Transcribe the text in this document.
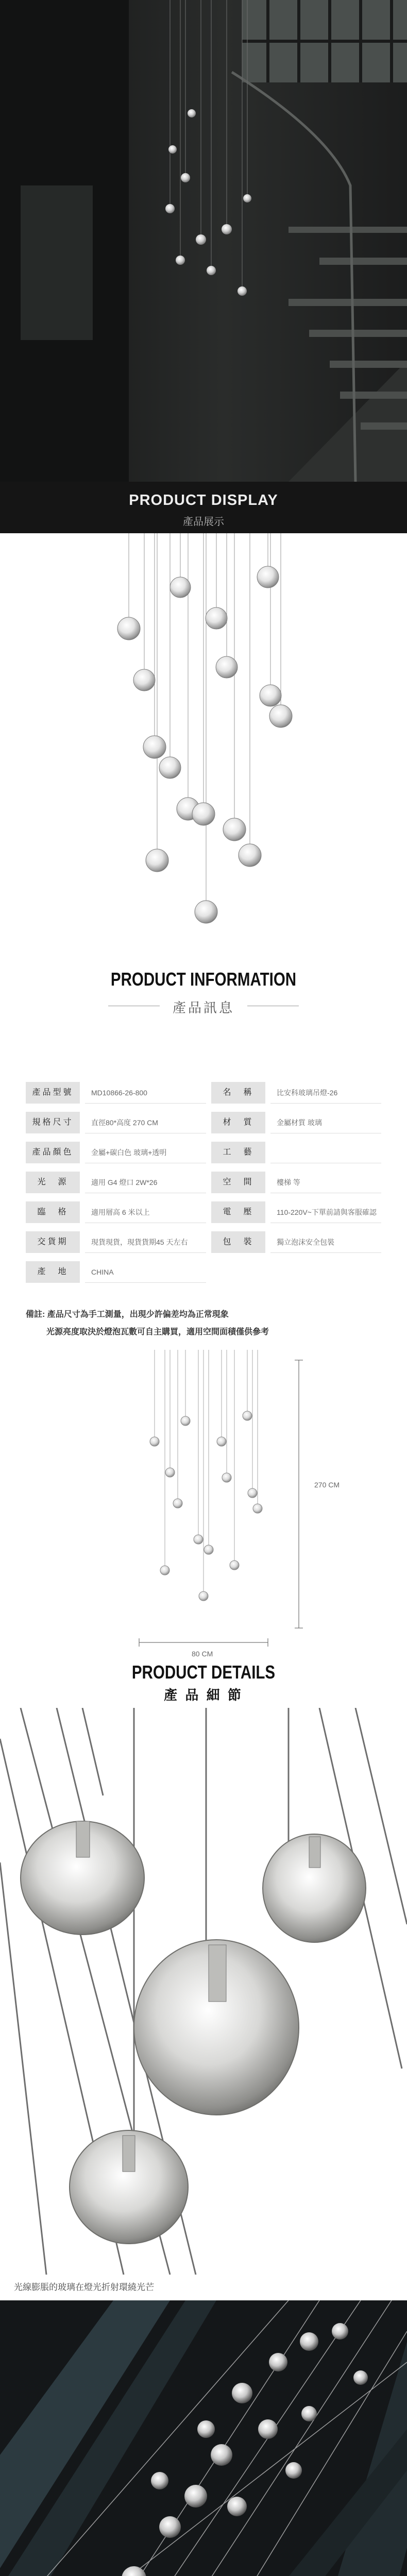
PRODUCT DISPLAY
產品展示
PRODUCT INFORMATION
產品訊息
產品型號	MD10866-26-800	名　稱	比安科玻璃吊燈-26
規格尺寸	直徑80*高度 270 CM	材　質	金屬材質 玻璃
產品顏色	金屬+碳白色 玻璃+透明	工　藝
光　源	適用 G4 燈口 2W*26	空　間	樓梯 等
臨　格	適用層高 6 米以上	電　壓	110-220V~下單前請與客服確認
交貨期	現貨現貨，現貨貨期45 天左右	包　裝	獨立泡沫安全包裝
產　地	CHINA
備註: 產品尺寸為手工測量，出現少許偏差均為正常現象
光源亮度取決於燈泡瓦數可自主購買，適用空間面積僅供參考
270 CM
80 CM
PRODUCT DETAILS
產 品 細 節
光線膨脹的玻璃在燈光折射環繞光芒
